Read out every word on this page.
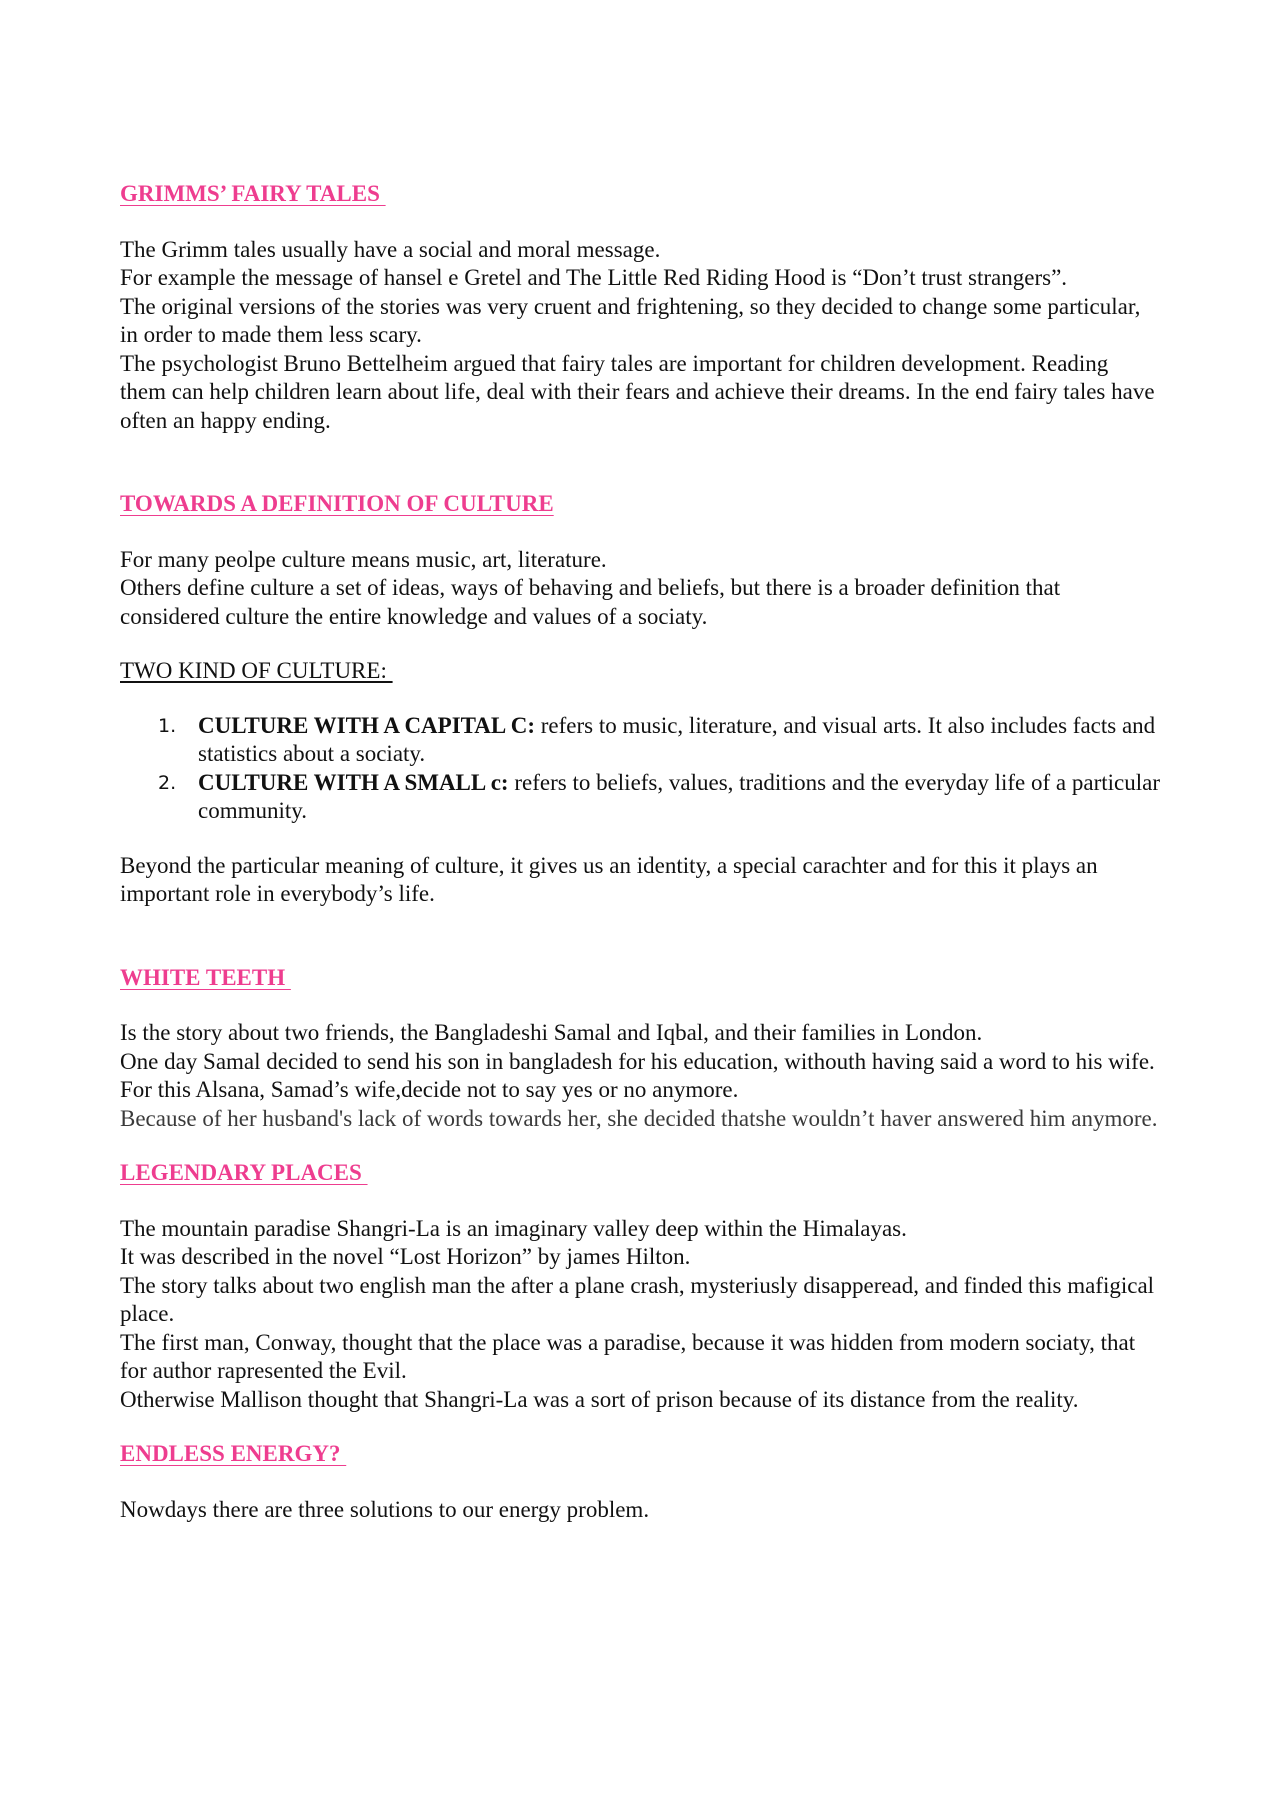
GRIMMS’ FAIRY TALES

The Grimm tales usually have a social and moral message.

For example the message of hansel e Gretel and The Little Red Riding Hood is “Don’t trust strangers”.

The original versions of the stories was very cruent and frightening, so they decided to change some particular, in order to made them less scary.

The psychologist Bruno Bettelheim argued that fairy tales are important for children development. Reading them can help children learn about life, deal with their fears and achieve their dreams. In the end fairy tales have often an happy ending.

TOWARDS A DEFINITION OF CULTURE

For many peolpe culture means music, art, literature.

Others define culture a set of ideas, ways of behaving and beliefs, but there is a broader definition that considered culture the entire knowledge and values of a sociaty.

TWO KIND OF CULTURE:

1. CULTURE WITH A CAPITAL C: refers to music, literature, and visual arts. It also includes facts and statistics about a sociaty.
2. CULTURE WITH A SMALL c: refers to beliefs, values, traditions and the everyday life of a particular community.

Beyond the particular meaning of culture, it gives us an identity, a special carachter and for this it plays an important role in everybody’s life.

WHITE TEETH

Is the story about two friends, the Bangladeshi Samal and Iqbal, and their families in London.

One day Samal decided to send his son in bangladesh for his education, withouth having said a word to his wife.

For this Alsana, Samad’s wife,decide not to say yes or no anymore.

Because of her husband's lack of words towards her, she decided thatshe wouldn’t haver answered him anymore.

LEGENDARY PLACES

The mountain paradise Shangri-La is an imaginary valley deep within the Himalayas.

It was described in the novel “Lost Horizon” by james Hilton.

The story talks about two english man the after a plane crash, mysteriusly disapperead, and finded this mafigical place.

The first man, Conway, thought that the place was a paradise, because it was hidden from modern sociaty, that for author rapresented the Evil.

Otherwise Mallison thought that Shangri-La was a sort of prison because of its distance from the reality.

ENDLESS ENERGY?

Nowdays there are three solutions to our energy problem.
